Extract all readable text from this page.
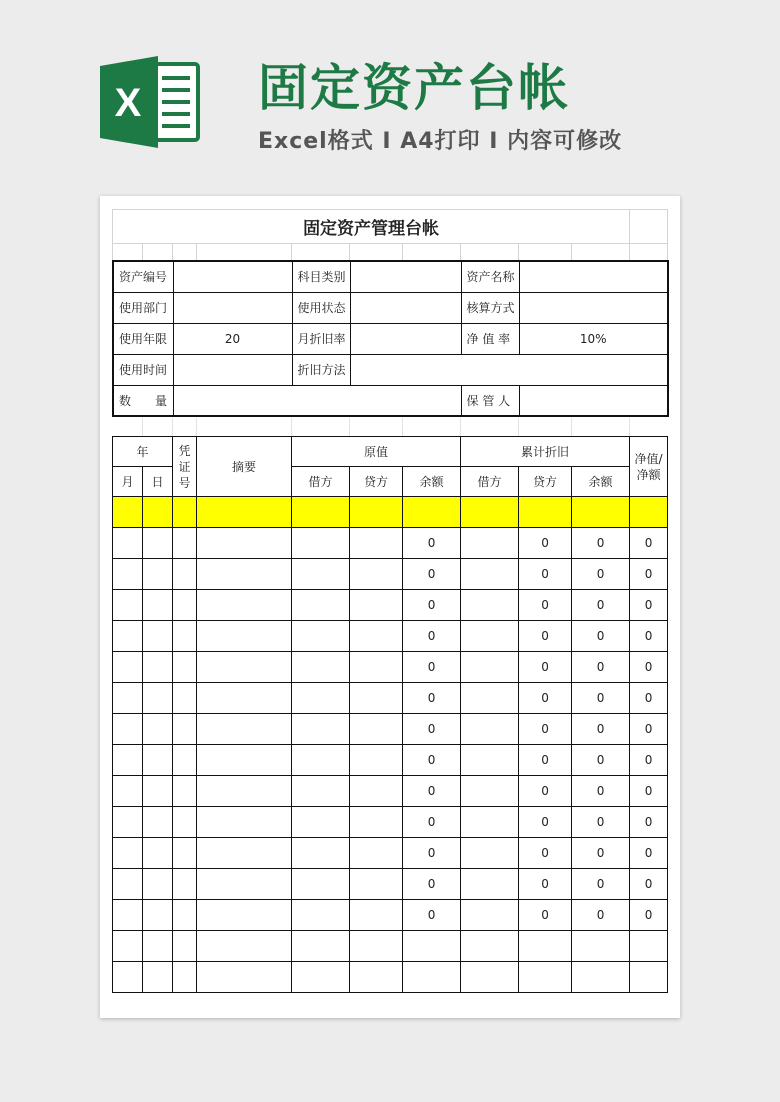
X 固定资产台帐
Excel格式 I A4打印 I 内容可修改
固定资产管理台帐										

资产编号		科目类别		资产名称	
使用部门		使用状态		核算方式	
使用年限	20	月折旧率		净 值 率	10%
使用时间		折旧方法			
数　　量				保 管 人	
年		凭证号	摘要	原值			累计折旧			净值/净额
月	日			借方	贷方	余额	借方	贷方	余额	

						0		0	0	0
						0		0	0	0
						0		0	0	0
						0		0	0	0
						0		0	0	0
						0		0	0	0
						0		0	0	0
						0		0	0	0
						0		0	0	0
						0		0	0	0
						0		0	0	0
						0		0	0	0
						0		0	0	0
